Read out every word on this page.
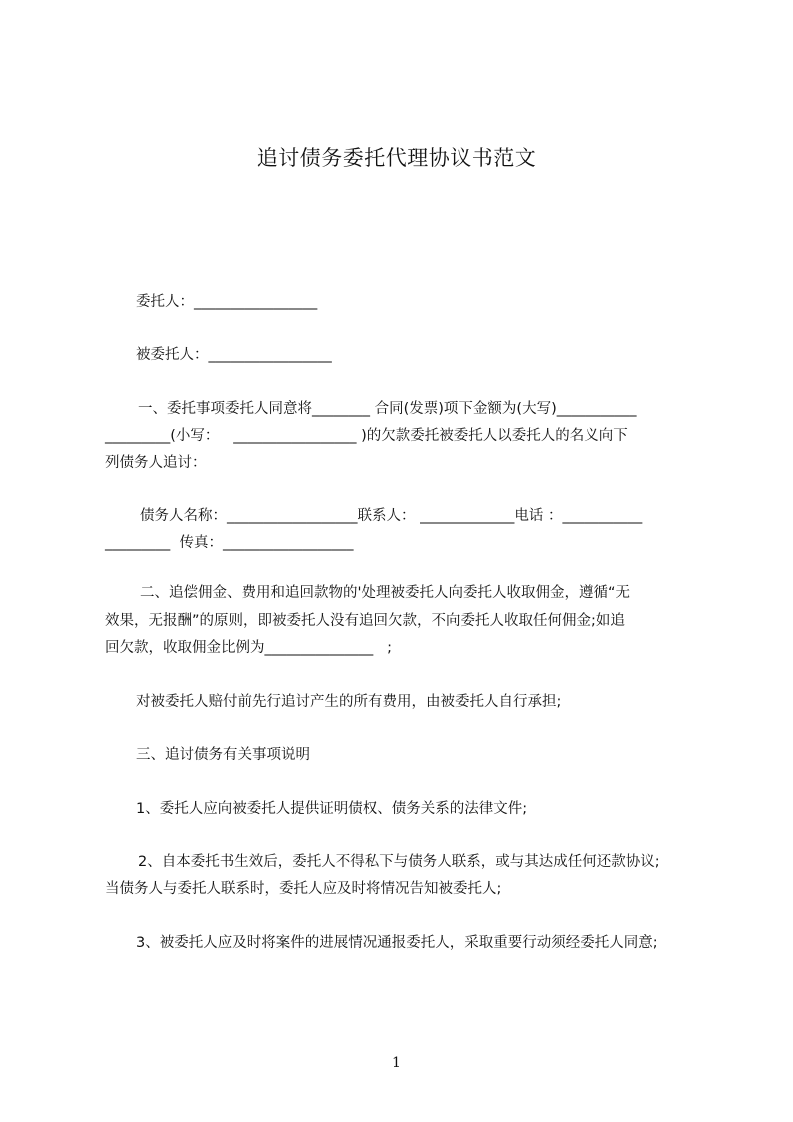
追讨债务委托代理协议书范文
委托人：_________________
被委托人：_________________
一、委托事项委托人同意将________ 合同(发票)项下金额为(大写)___________
_________(小写：   _________________ )的欠款委托被委托人以委托人的名义向下
列债务人追讨：
债务人名称：__________________联系人： _____________电话 ：___________
_________  传真：__________________
二、追偿佣金、费用和追回款物的'处理被委托人向委托人收取佣金，遵循“无
效果，无报酬”的原则，即被委托人没有追回欠款，不向委托人收取任何佣金;如追
回欠款，收取佣金比例为_______________   ;
对被委托人赔付前先行追讨产生的所有费用，由被委托人自行承担;
三、追讨债务有关事项说明
1、委托人应向被委托人提供证明债权、债务关系的法律文件;
2、自本委托书生效后，委托人不得私下与债务人联系，或与其达成任何还款协议;
当债务人与委托人联系时，委托人应及时将情况告知被委托人;
3、被委托人应及时将案件的进展情况通报委托人，采取重要行动须经委托人同意;
1
